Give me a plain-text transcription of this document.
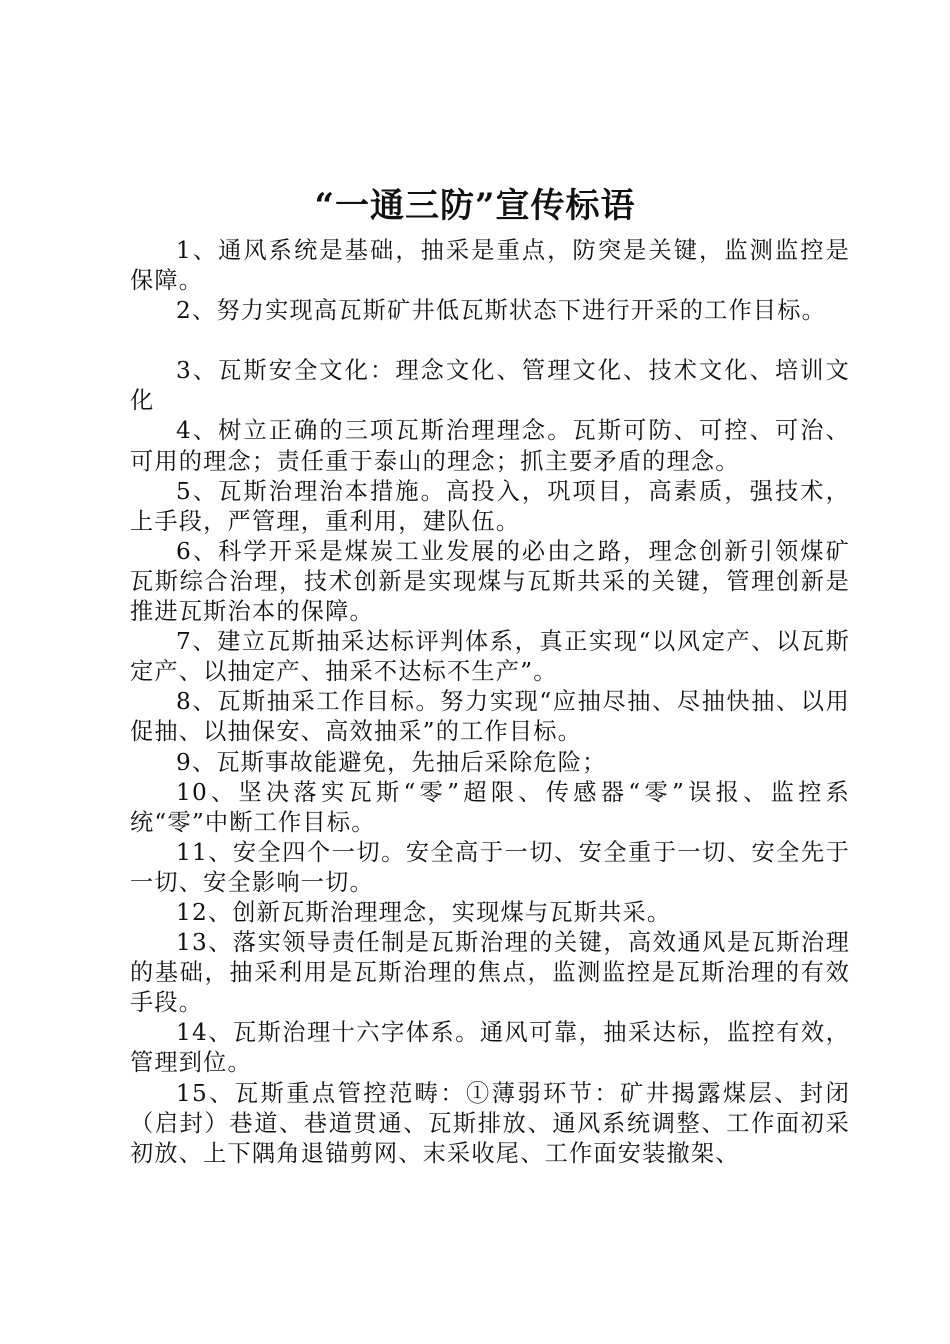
“一通三防”宣传标语

1、通风系统是基础，抽采是重点，防突是关键，监测监控是保障。

2、努力实现高瓦斯矿井低瓦斯状态下进行开采的工作目标。

3、瓦斯安全文化：理念文化、管理文化、技术文化、培训文化

4、树立正确的三项瓦斯治理理念。瓦斯可防、可控、可治、可用的理念；责任重于泰山的理念；抓主要矛盾的理念。

5、瓦斯治理治本措施。高投入，巩项目，高素质，强技术，上手段，严管理，重利用，建队伍。

6、科学开采是煤炭工业发展的必由之路，理念创新引领煤矿瓦斯综合治理，技术创新是实现煤与瓦斯共采的关键，管理创新是推进瓦斯治本的保障。

7、建立瓦斯抽采达标评判体系，真正实现“以风定产、以瓦斯定产、以抽定产、抽采不达标不生产”。

8、瓦斯抽采工作目标。努力实现“应抽尽抽、尽抽快抽、以用促抽、以抽保安、高效抽采”的工作目标。

9、瓦斯事故能避免，先抽后采除危险；

10、坚决落实瓦斯“零”超限、传感器“零”误报、监控系统“零”中断工作目标。

11、安全四个一切。安全高于一切、安全重于一切、安全先于一切、安全影响一切。

12、创新瓦斯治理理念，实现煤与瓦斯共采。

13、落实领导责任制是瓦斯治理的关键，高效通风是瓦斯治理的基础，抽采利用是瓦斯治理的焦点，监测监控是瓦斯治理的有效手段。

14、瓦斯治理十六字体系。通风可靠，抽采达标，监控有效，管理到位。

15、瓦斯重点管控范畴：①薄弱环节：矿井揭露煤层、封闭（启封）巷道、巷道贯通、瓦斯排放、通风系统调整、工作面初采初放、上下隅角退锚剪网、末采收尾、工作面安装撤架、
